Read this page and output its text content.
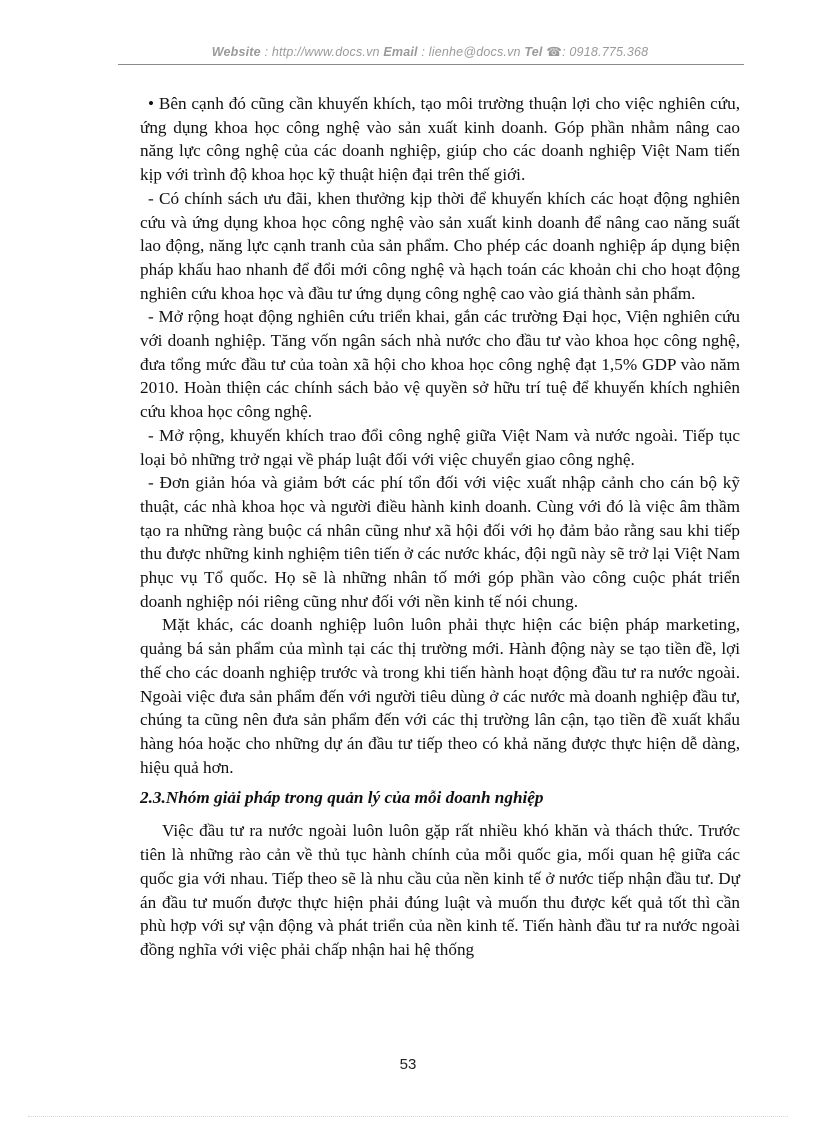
Website : http://www.docs.vn Email : lienhe@docs.vn Tel ☎: 0918.775.368

• Bên cạnh đó cũng cần khuyến khích, tạo môi trường thuận lợi cho việc nghiên cứu, ứng dụng khoa học công nghệ vào sản xuất kinh doanh. Góp phần nhằm nâng cao năng lực công nghệ của các doanh nghiệp, giúp cho các doanh nghiệp Việt Nam tiến kịp với trình độ khoa học kỹ thuật hiện đại trên thế giới.

- Có chính sách ưu đãi, khen thưởng kịp thời để khuyến khích các hoạt động nghiên cứu và ứng dụng khoa học công nghệ vào sản xuất kinh doanh để nâng cao năng suất lao động, năng lực cạnh tranh của sản phẩm. Cho phép các doanh nghiệp áp dụng biện pháp khấu hao nhanh để đổi mới công nghệ và hạch toán các khoản chi cho hoạt động nghiên cứu khoa học và đầu tư ứng dụng công nghệ cao vào giá thành sản phẩm.

- Mở rộng hoạt động nghiên cứu triển khai, gắn các trường Đại học, Viện nghiên cứu với doanh nghiệp. Tăng vốn ngân sách nhà nước cho đầu tư vào khoa học công nghệ, đưa tổng mức đầu tư của toàn xã hội cho khoa học công nghệ đạt 1,5% GDP vào năm 2010. Hoàn thiện các chính sách bảo vệ quyền sở hữu trí tuệ để khuyến khích nghiên cứu khoa học công nghệ.

- Mở rộng, khuyến khích trao đổi công nghệ giữa Việt Nam và nước ngoài. Tiếp tục loại bỏ những trở ngại về pháp luật đối với việc chuyển giao công nghệ.

- Đơn giản hóa và giảm bớt các phí tổn đối với việc xuất nhập cảnh cho cán bộ kỹ thuật, các nhà khoa học và người điều hành kinh doanh. Cùng với đó là việc âm thầm tạo ra những ràng buộc cá nhân cũng như xã hội đối với họ đảm bảo rằng sau khi tiếp thu được những kinh nghiệm tiên tiến ở các nước khác, đội ngũ này sẽ trở lại Việt Nam phục vụ Tổ quốc. Họ sẽ là những nhân tố mới góp phần vào công cuộc phát triển doanh nghiệp nói riêng cũng như đối với nền kinh tế nói chung.

Mặt khác, các doanh nghiệp luôn luôn phải thực hiện các biện pháp marketing, quảng bá sản phẩm của mình tại các thị trường mới. Hành động này se tạo tiền đề, lợi thế cho các doanh nghiệp trước và trong khi tiến hành hoạt động đầu tư ra nước ngoài. Ngoài việc đưa sản phẩm đến với người tiêu dùng ở các nước mà doanh nghiệp đầu tư, chúng ta cũng nên đưa sản phẩm đến với các thị trường lân cận, tạo tiền đề xuất khẩu hàng hóa hoặc cho những dự án đầu tư tiếp theo có khả năng được thực hiện dễ dàng, hiệu quả hơn.

2.3.Nhóm giải pháp trong quản lý của mỗi doanh nghiệp

Việc đầu tư ra nước ngoài luôn luôn gặp rất nhiều khó khăn và thách thức. Trước tiên là những rào cản về thủ tục hành chính của mỗi quốc gia, mối quan hệ giữa các quốc gia với nhau. Tiếp theo sẽ là nhu cầu của nền kinh tế ở nước tiếp nhận đầu tư. Dự án đầu tư muốn được thực hiện phải đúng luật và muốn thu được kết quả tốt thì cần phù hợp với sự vận động và phát triển của nền kinh tế. Tiến hành đầu tư ra nước ngoài đồng nghĩa với việc phải chấp nhận hai hệ thống

53
